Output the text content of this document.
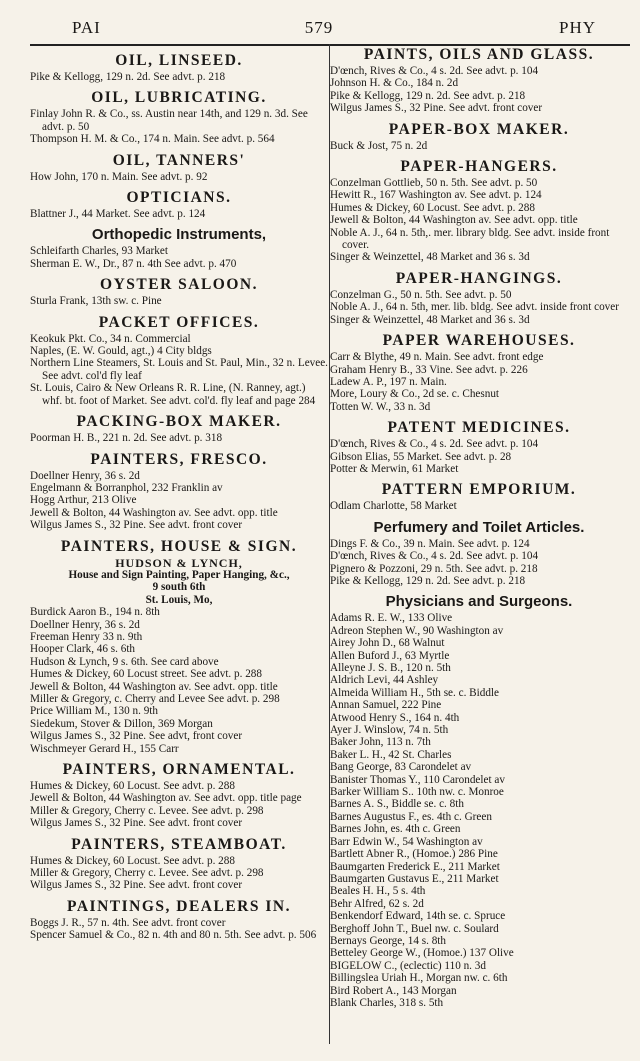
PAI	579	PHY
OIL, LINSEED.

Pike & Kellogg, 129 n. 2d. See advt. p. 218

OIL, LUBRICATING.

Finlay John R. & Co., ss. Austin near 14th, and 129 n. 3d. See advt. p. 50

Thompson H. M. & Co., 174 n. Main. See advt. p. 564

OIL, TANNERS'

How John, 170 n. Main. See advt. p. 92

OPTICIANS.

Blattner J., 44 Market. See advt. p. 124

Orthopedic Instruments,

Schleifarth Charles, 93 Market

Sherman E. W., Dr., 87 n. 4th See advt. p. 470

OYSTER SALOON.

Sturla Frank, 13th sw. c. Pine

PACKET OFFICES.

Keokuk Pkt. Co., 34 n. Commercial

Naples, (E. W. Gould, agt.,) 4 City bldgs

Northern Line Steamers, St. Louis and St. Paul, Min., 32 n. Levee. See advt. col'd fly leaf

St. Louis, Cairo & New Orleans R. R. Line, (N. Ranney, agt.) whf. bt. foot of Market. See advt. col'd. fly leaf and page 284

PACKING-BOX MAKER.

Poorman H. B., 221 n. 2d. See advt. p. 318

PAINTERS, FRESCO.

Doellner Henry, 36 s. 2d

Engelmann & Borranphol, 232 Franklin av

Hogg Arthur, 213 Olive

Jewell & Bolton, 44 Washington av. See advt. opp. title

Wilgus James S., 32 Pine. See advt. front cover

PAINTERS, HOUSE & SIGN.
HUDSON & LYNCH,
House and Sign Painting, Paper Hanging, &c.,
9 south 6th
St. Louis, Mo,

Burdick Aaron B., 194 n. 8th

Doellner Henry, 36 s. 2d

Freeman Henry 33 n. 9th

Hooper Clark, 46 s. 6th

Hudson & Lynch, 9 s. 6th. See card above

Humes & Dickey, 60 Locust street. See advt. p. 288

Jewell & Bolton, 44 Washington av. See advt. opp. title

Miller & Gregory, c. Cherry and Levee See advt. p. 298

Price William M., 130 n. 9th

Siedekum, Stover & Dillon, 369 Morgan

Wilgus James S., 32 Pine. See advt, front cover

Wischmeyer Gerard H., 155 Carr

PAINTERS, ORNAMENTAL.

Humes & Dickey, 60 Locust. See advt. p. 288

Jewell & Bolton, 44 Washington av. See advt. opp. title page

Miller & Gregory, Cherry c. Levee. See advt. p. 298

Wilgus James S., 32 Pine. See advt. front cover

PAINTERS, STEAMBOAT.

Humes & Dickey, 60 Locust. See advt. p. 288

Miller & Gregory, Cherry c. Levee. See advt. p. 298

Wilgus James S., 32 Pine. See advt. front cover

PAINTINGS, DEALERS IN.

Boggs J. R., 57 n. 4th. See advt. front cover

Spencer Samuel & Co., 82 n. 4th and 80 n. 5th. See advt. p. 506

PAINTS, OILS AND GLASS.

D'œnch, Rives & Co., 4 s. 2d. See advt. p. 104

Johnson H. & Co., 184 n. 2d

Pike & Kellogg, 129 n. 2d. See advt. p. 218

Wilgus James S., 32 Pine. See advt. front cover

PAPER-BOX MAKER.

Buck & Jost, 75 n. 2d

PAPER-HANGERS.

Conzelman Gottlieb, 50 n. 5th. See advt. p. 50

Hewitt R., 167 Washington av. See advt. p. 124

Humes & Dickey, 60 Locust. See advt. p. 288

Jewell & Bolton, 44 Washington av. See advt. opp. title

Noble A. J., 64 n. 5th,. mer. library bldg. See advt. inside front cover.

Singer & Weinzettel, 48 Market and 36 s. 3d

PAPER-HANGINGS.

Conzelman G., 50 n. 5th. See advt. p. 50

Noble A. J., 64 n. 5th, mer. lib. bldg. See advt. inside front cover

Singer & Weinzettel, 48 Market and 36 s. 3d

PAPER WAREHOUSES.

Carr & Blythe, 49 n. Main. See advt. front edge

Graham Henry B., 33 Vine. See advt. p. 226

Ladew A. P., 197 n. Main.

More, Loury & Co., 2d se. c. Chesnut

Totten W. W., 33 n. 3d

PATENT MEDICINES.

D'œnch, Rives & Co., 4 s. 2d. See advt. p. 104

Gibson Elias, 55 Market. See advt. p. 28

Potter & Merwin, 61 Market

PATTERN EMPORIUM.

Odlam Charlotte, 58 Market

Perfumery and Toilet Articles.

Dings F. & Co., 39 n. Main. See advt. p. 124

D'œnch, Rives & Co., 4 s. 2d. See advt. p. 104

Pignero & Pozzoni, 29 n. 5th. See advt. p. 218

Pike & Kellogg, 129 n. 2d. See advt. p. 218

Physicians and Surgeons.

Adams R. E. W., 133 Olive

Adreon Stephen W., 90 Washington av

Airey John D., 68 Walnut

Allen Buford J., 63 Myrtle

Alleyne J. S. B., 120 n. 5th

Aldrich Levi, 44 Ashley

Almeida William H., 5th se. c. Biddle

Annan Samuel, 222 Pine

Atwood Henry S., 164 n. 4th

Ayer J. Winslow, 74 n. 5th

Baker John, 113 n. 7th

Baker L. H., 42 St. Charles

Bang George, 83 Carondelet av

Banister Thomas Y., 110 Carondelet av

Barker William S.. 10th nw. c. Monroe

Barnes A. S., Biddle se. c. 8th

Barnes Augustus F., es. 4th c. Green

Barnes John, es. 4th c. Green

Barr Edwin W., 54 Washington av

Bartlett Abner R., (Homoe.) 286 Pine

Baumgarten Frederick E., 211 Market

Baumgarten Gustavus E., 211 Market

Beales H. H., 5 s. 4th

Behr Alfred, 62 s. 2d

Benkendorf Edward, 14th se. c. Spruce

Berghoff John T., Buel nw. c. Soulard

Bernays George, 14 s. 8th

Betteley George W., (Homoe.) 137 Olive

BIGELOW C., (eclectic) 110 n. 3d

Billingslea Uriah H., Morgan nw. c. 6th

Bird Robert A., 143 Morgan

Blank Charles, 318 s. 5th
